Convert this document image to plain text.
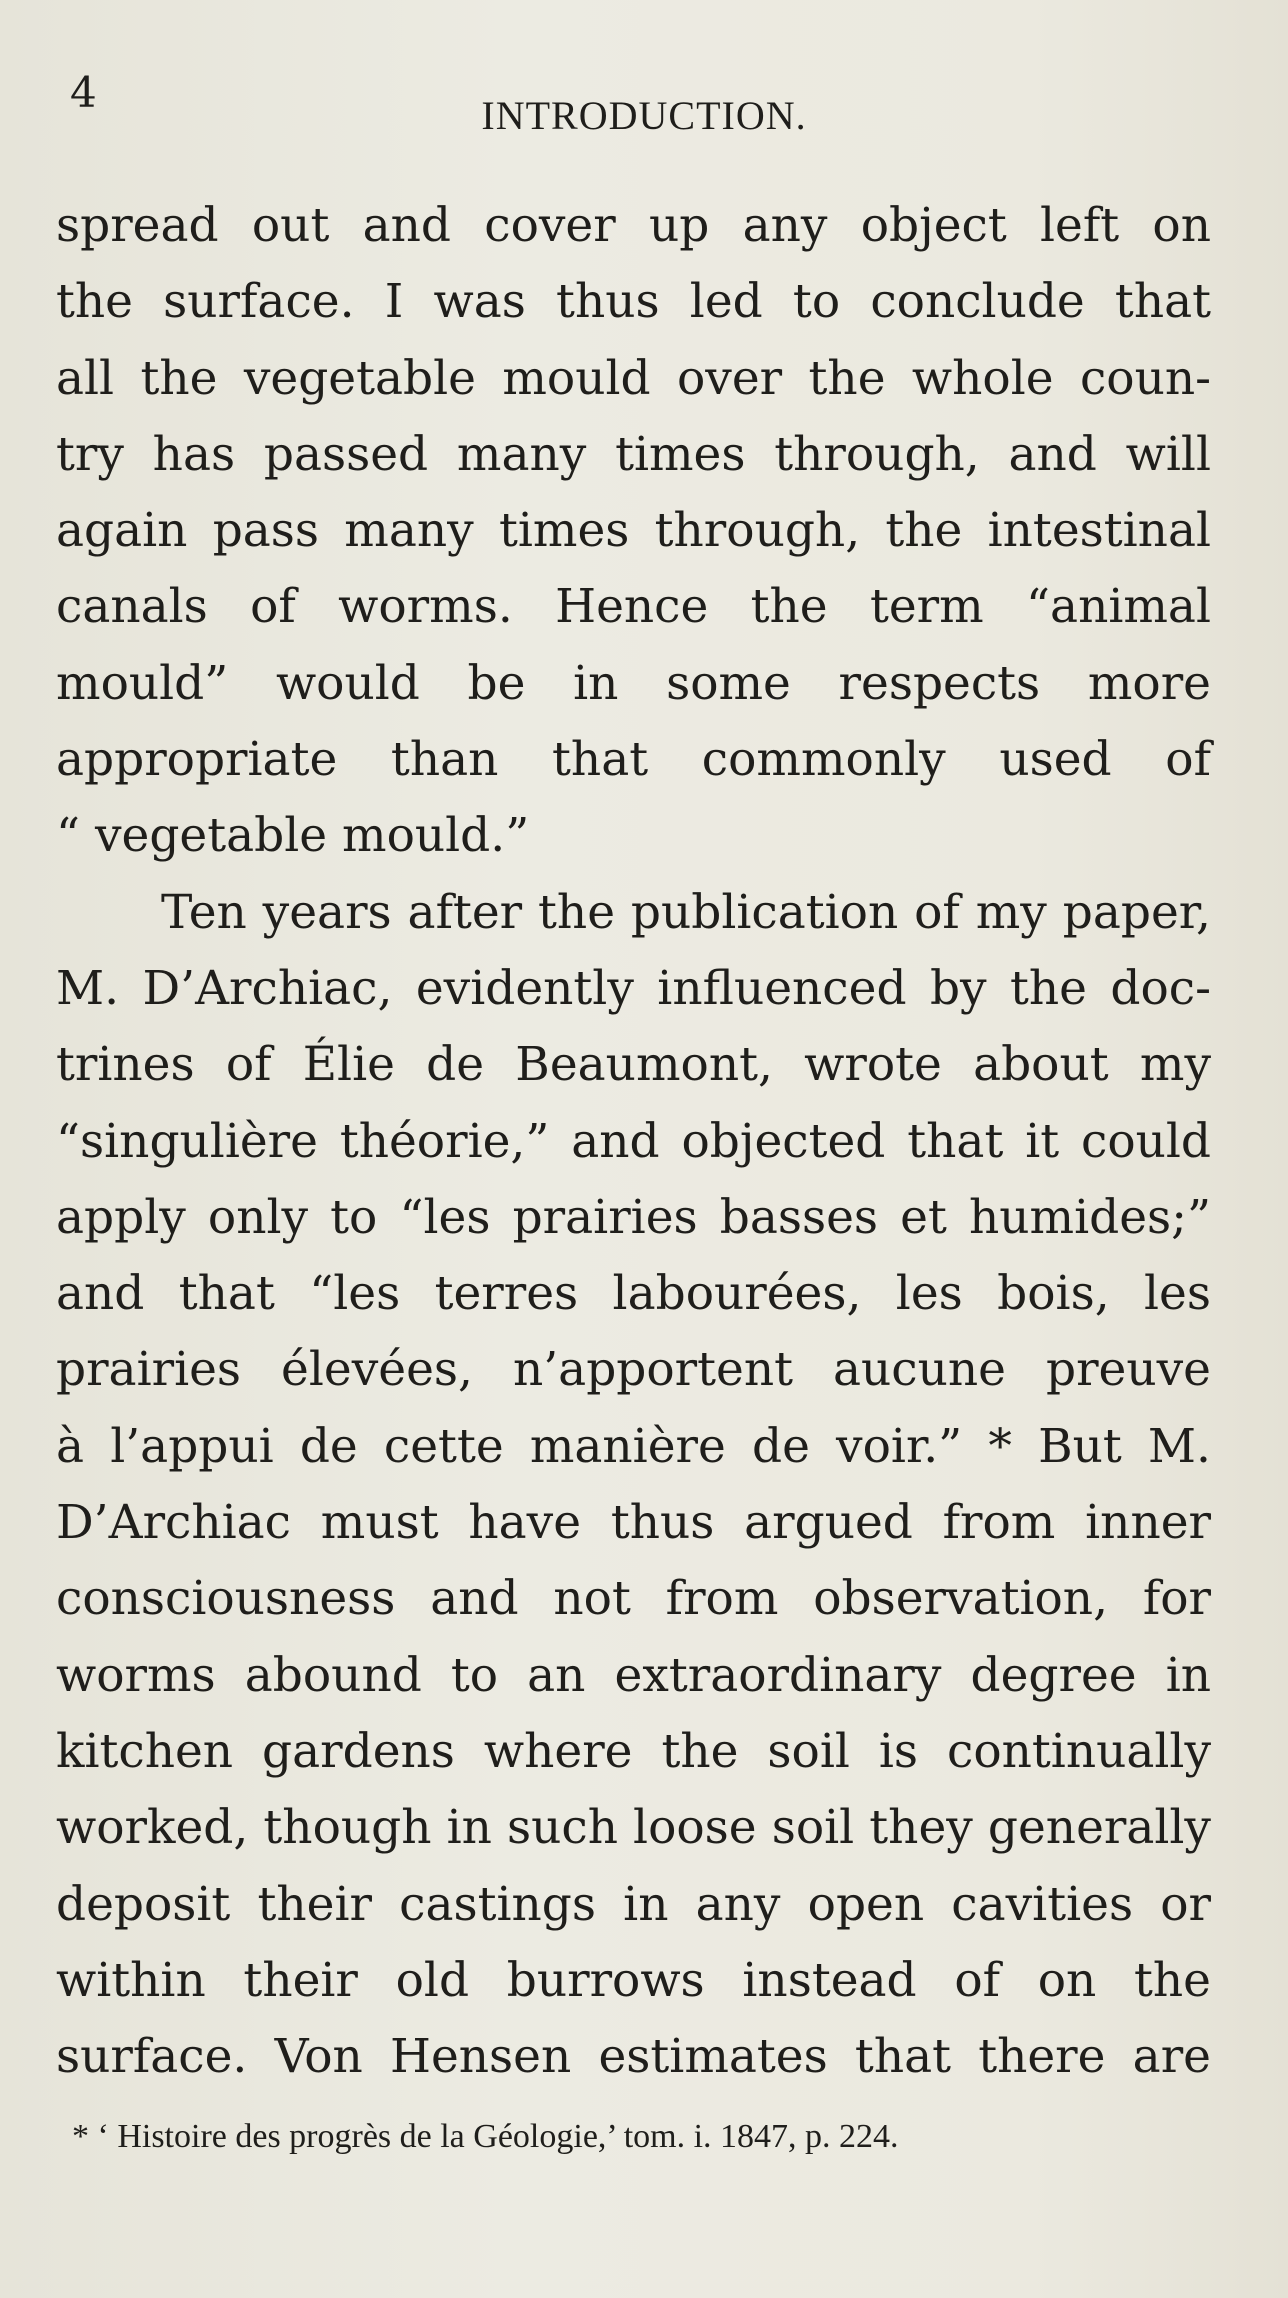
4	INTRODUCTION.
spread out and cover up any object left on
the surface. I was thus led to conclude that
all the vegetable mould over the whole coun-
try has passed many times through, and will
again pass many times through, the intestinal
canals of worms. Hence the term “animal
mould” would be in some respects more
appropriate than that commonly used of
“ vegetable mould.”
Ten years after the publication of my paper,
M. D’Archiac, evidently influenced by the doc-
trines of Élie de Beaumont, wrote about my
“singulière théorie,” and objected that it could
apply only to “les prairies basses et humides;”
and that “les terres labourées, les bois, les
prairies élevées, n’apportent aucune preuve
à l’appui de cette manière de voir.” * But M.
D’Archiac must have thus argued from inner
consciousness and not from observation, for
worms abound to an extraordinary degree in
kitchen gardens where the soil is continually
worked, though in such loose soil they generally
deposit their castings in any open cavities or
within their old burrows instead of on the
surface. Von Hensen estimates that there are
* ‘ Histoire des progrès de la Géologie,’ tom. i. 1847, p. 224.
